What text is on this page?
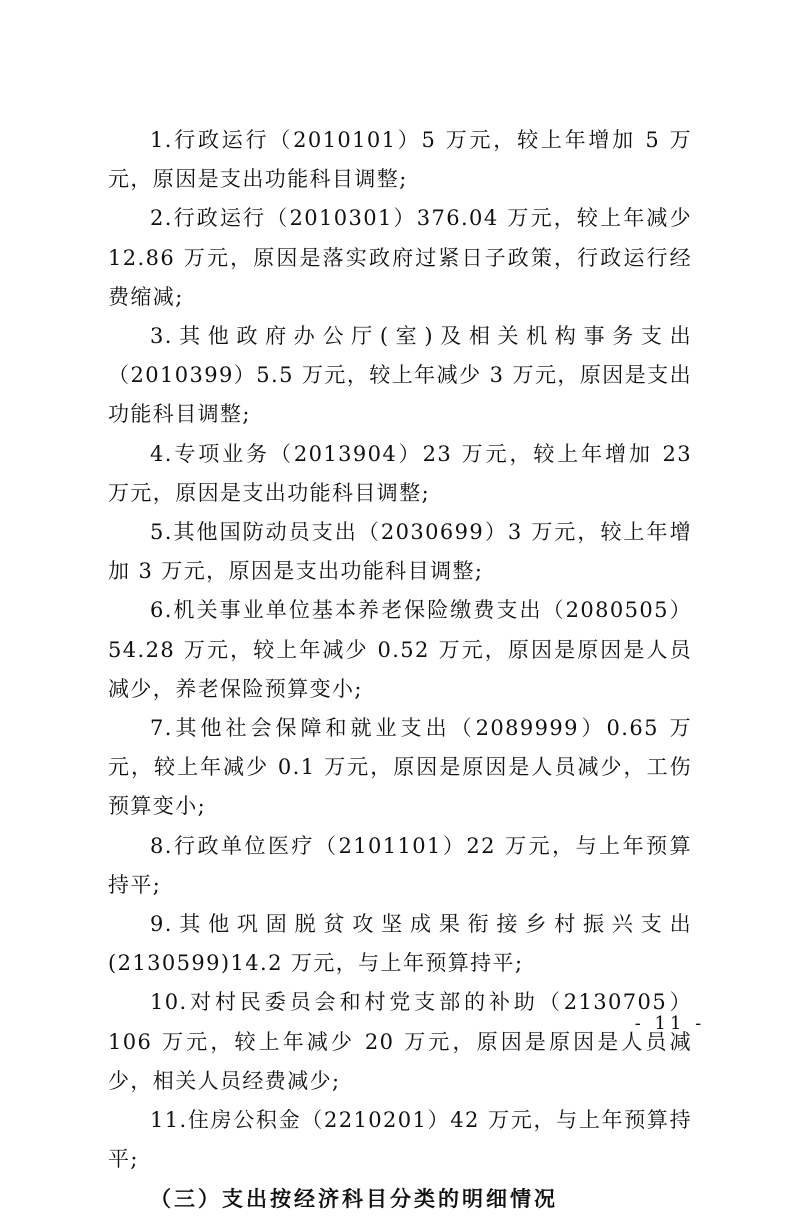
1.行政运行（2010101）5 万元，较上年增加 5 万元，原因是支出功能科目调整;

2.行政运行（2010301）376.04 万元，较上年减少 12.86 万元，原因是落实政府过紧日子政策，行政运行经费缩减;

3.其他政府办公厅(室)及相关机构事务支出（2010399）5.5 万元，较上年减少 3 万元，原因是支出功能科目调整;

4.专项业务（2013904）23 万元，较上年增加 23 万元，原因是支出功能科目调整;

5.其他国防动员支出（2030699）3 万元，较上年增加 3 万元，原因是支出功能科目调整;

6.机关事业单位基本养老保险缴费支出（2080505）54.28 万元，较上年减少 0.52 万元，原因是原因是人员减少，养老保险预算变小;

7.其他社会保障和就业支出（2089999）0.65 万元，较上年减少 0.1 万元，原因是原因是人员减少，工伤预算变小;

8.行政单位医疗（2101101）22 万元，与上年预算持平;

9.其他巩固脱贫攻坚成果衔接乡村振兴支出(2130599)14.2 万元，与上年预算持平;

10.对村民委员会和村党支部的补助（2130705）106 万元，较上年减少 20 万元，原因是原因是人员减少，相关人员经费减少;

11.住房公积金（2210201）42 万元，与上年预算持平;

（三）支出按经济科目分类的明细情况

- 11 -
